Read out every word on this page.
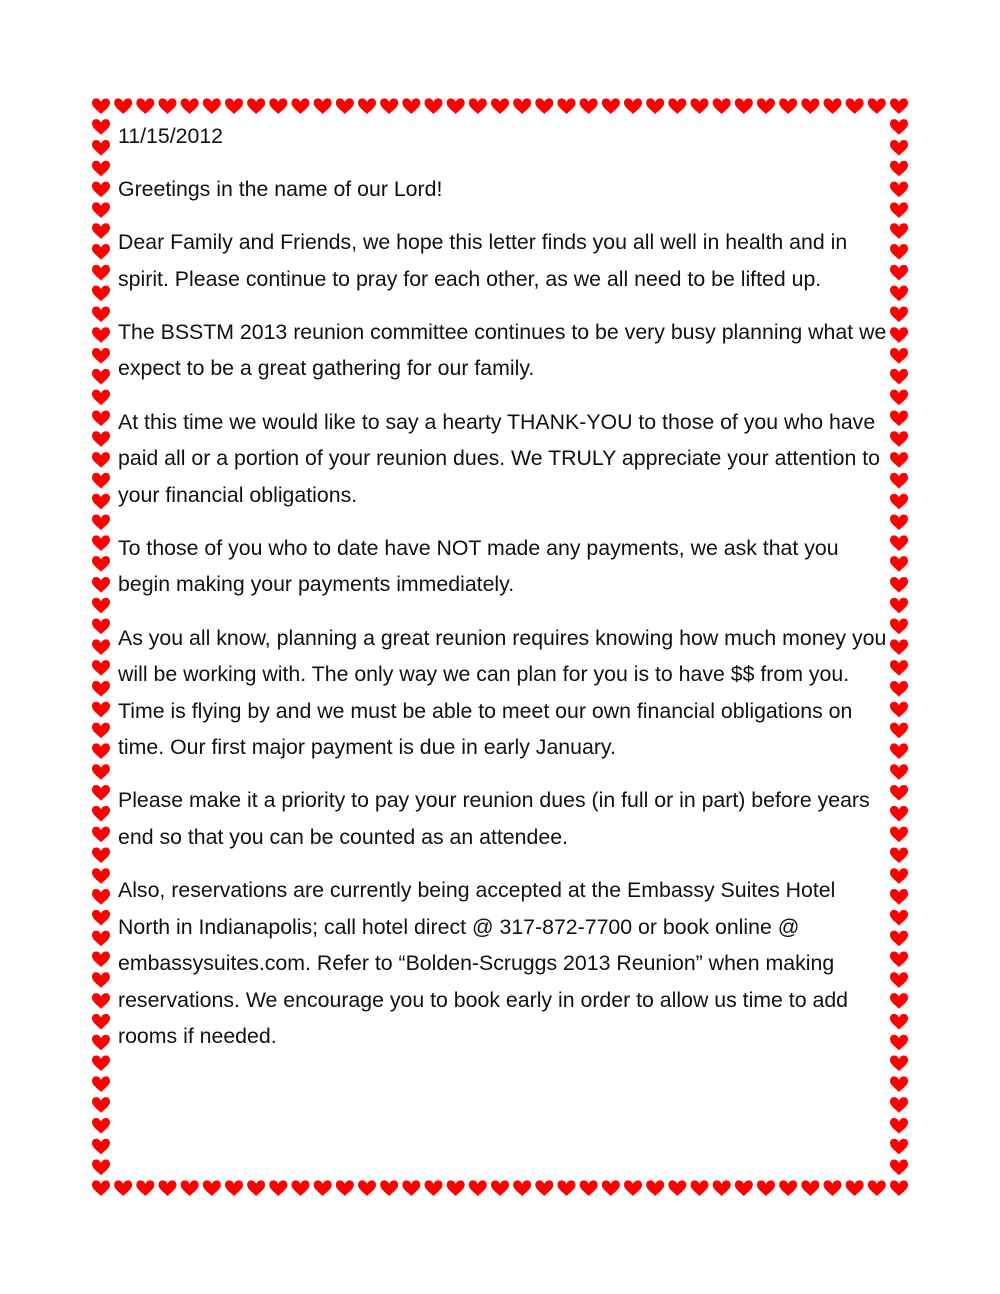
11/15/2012

Greetings in the name of our Lord!

Dear Family and Friends, we hope this letter finds you all well in health and in spirit. Please continue to pray for each other, as we all need to be lifted up.

The BSSTM 2013 reunion committee continues to be very busy planning what we expect to be a great gathering for our family.

At this time we would like to say a hearty THANK-YOU to those of you who have paid all or a portion of your reunion dues. We TRULY appreciate your attention to your financial obligations.

To those of you who to date have NOT made any payments, we ask that you begin making your payments immediately.

As you all know, planning a great reunion requires knowing how much money you will be working with. The only way we can plan for you is to have $$ from you. Time is flying by and we must be able to meet our own financial obligations on time. Our first major payment is due in early January.

Please make it a priority to pay your reunion dues (in full or in part) before years end so that you can be counted as an attendee.

Also, reservations are currently being accepted at the Embassy Suites Hotel North in Indianapolis; call hotel direct @ 317-872-7700 or book online @ embassysuites.com. Refer to “Bolden-Scruggs 2013 Reunion” when making reservations. We encourage you to book early in order to allow us time to add rooms if needed.
